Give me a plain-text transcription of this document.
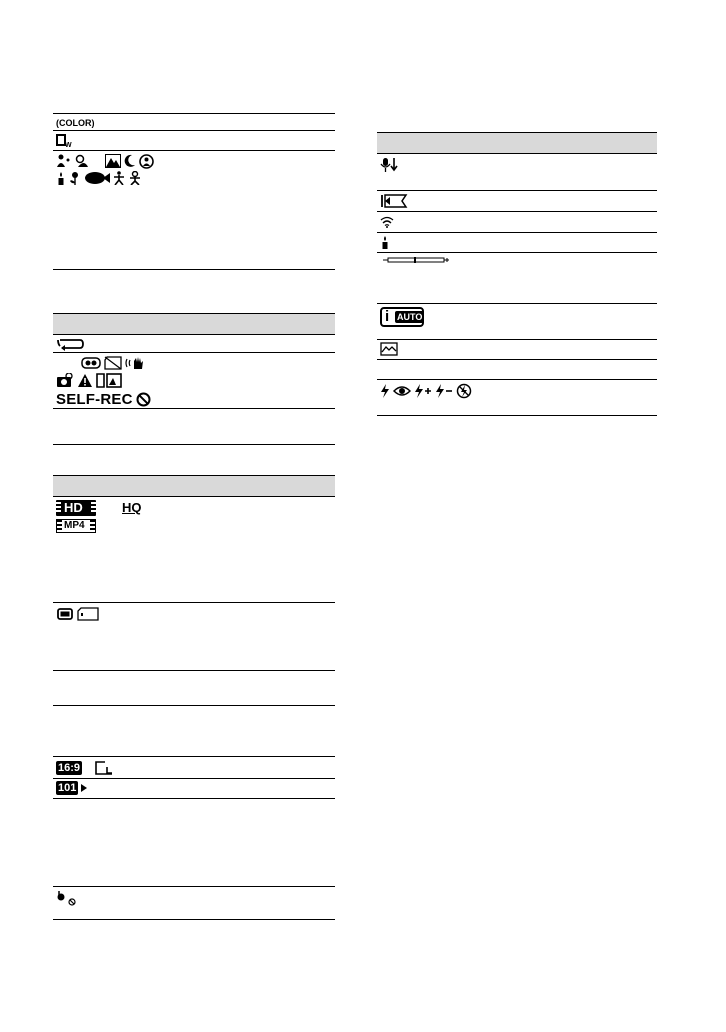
(COLOR)
W
SELF-REC
HD	HQ
MP4
16:9
101
i AUTO
